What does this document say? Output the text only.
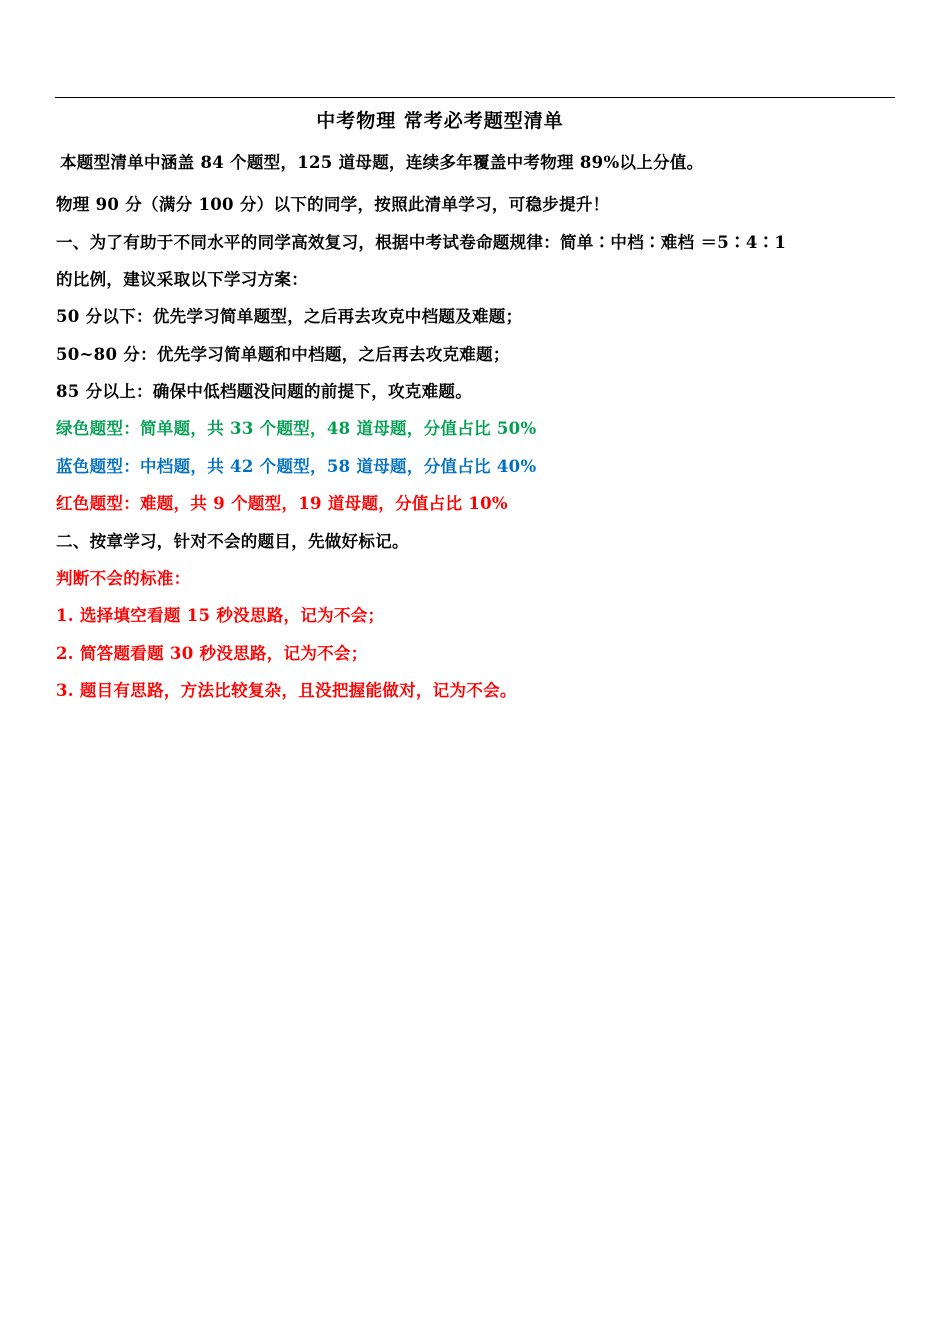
中考物理 常考必考题型清单
本题型清单中涵盖 84 个题型，125 道母题，连续多年覆盖中考物理 89%以上分值。
物理 90 分（满分 100 分）以下的同学，按照此清单学习，可稳步提升！
一、为了有助于不同水平的同学高效复习，根据中考试卷命题规律：简单∶中档∶难档 ＝5∶4∶1
的比例，建议采取以下学习方案：
50 分以下：优先学习简单题型，之后再去攻克中档题及难题；
50~80 分：优先学习简单题和中档题，之后再去攻克难题；
85 分以上：确保中低档题没问题的前提下，攻克难题。
绿色题型：简单题，共 33 个题型，48 道母题，分值占比 50%
蓝色题型：中档题，共 42 个题型，58 道母题，分值占比 40%
红色题型：难题，共 9 个题型，19 道母题，分值占比 10%
二、按章学习，针对不会的题目，先做好标记。
判断不会的标准：
1. 选择填空看题 15 秒没思路，记为不会；
2. 简答题看题 30 秒没思路，记为不会；
3. 题目有思路，方法比较复杂，且没把握能做对，记为不会。
